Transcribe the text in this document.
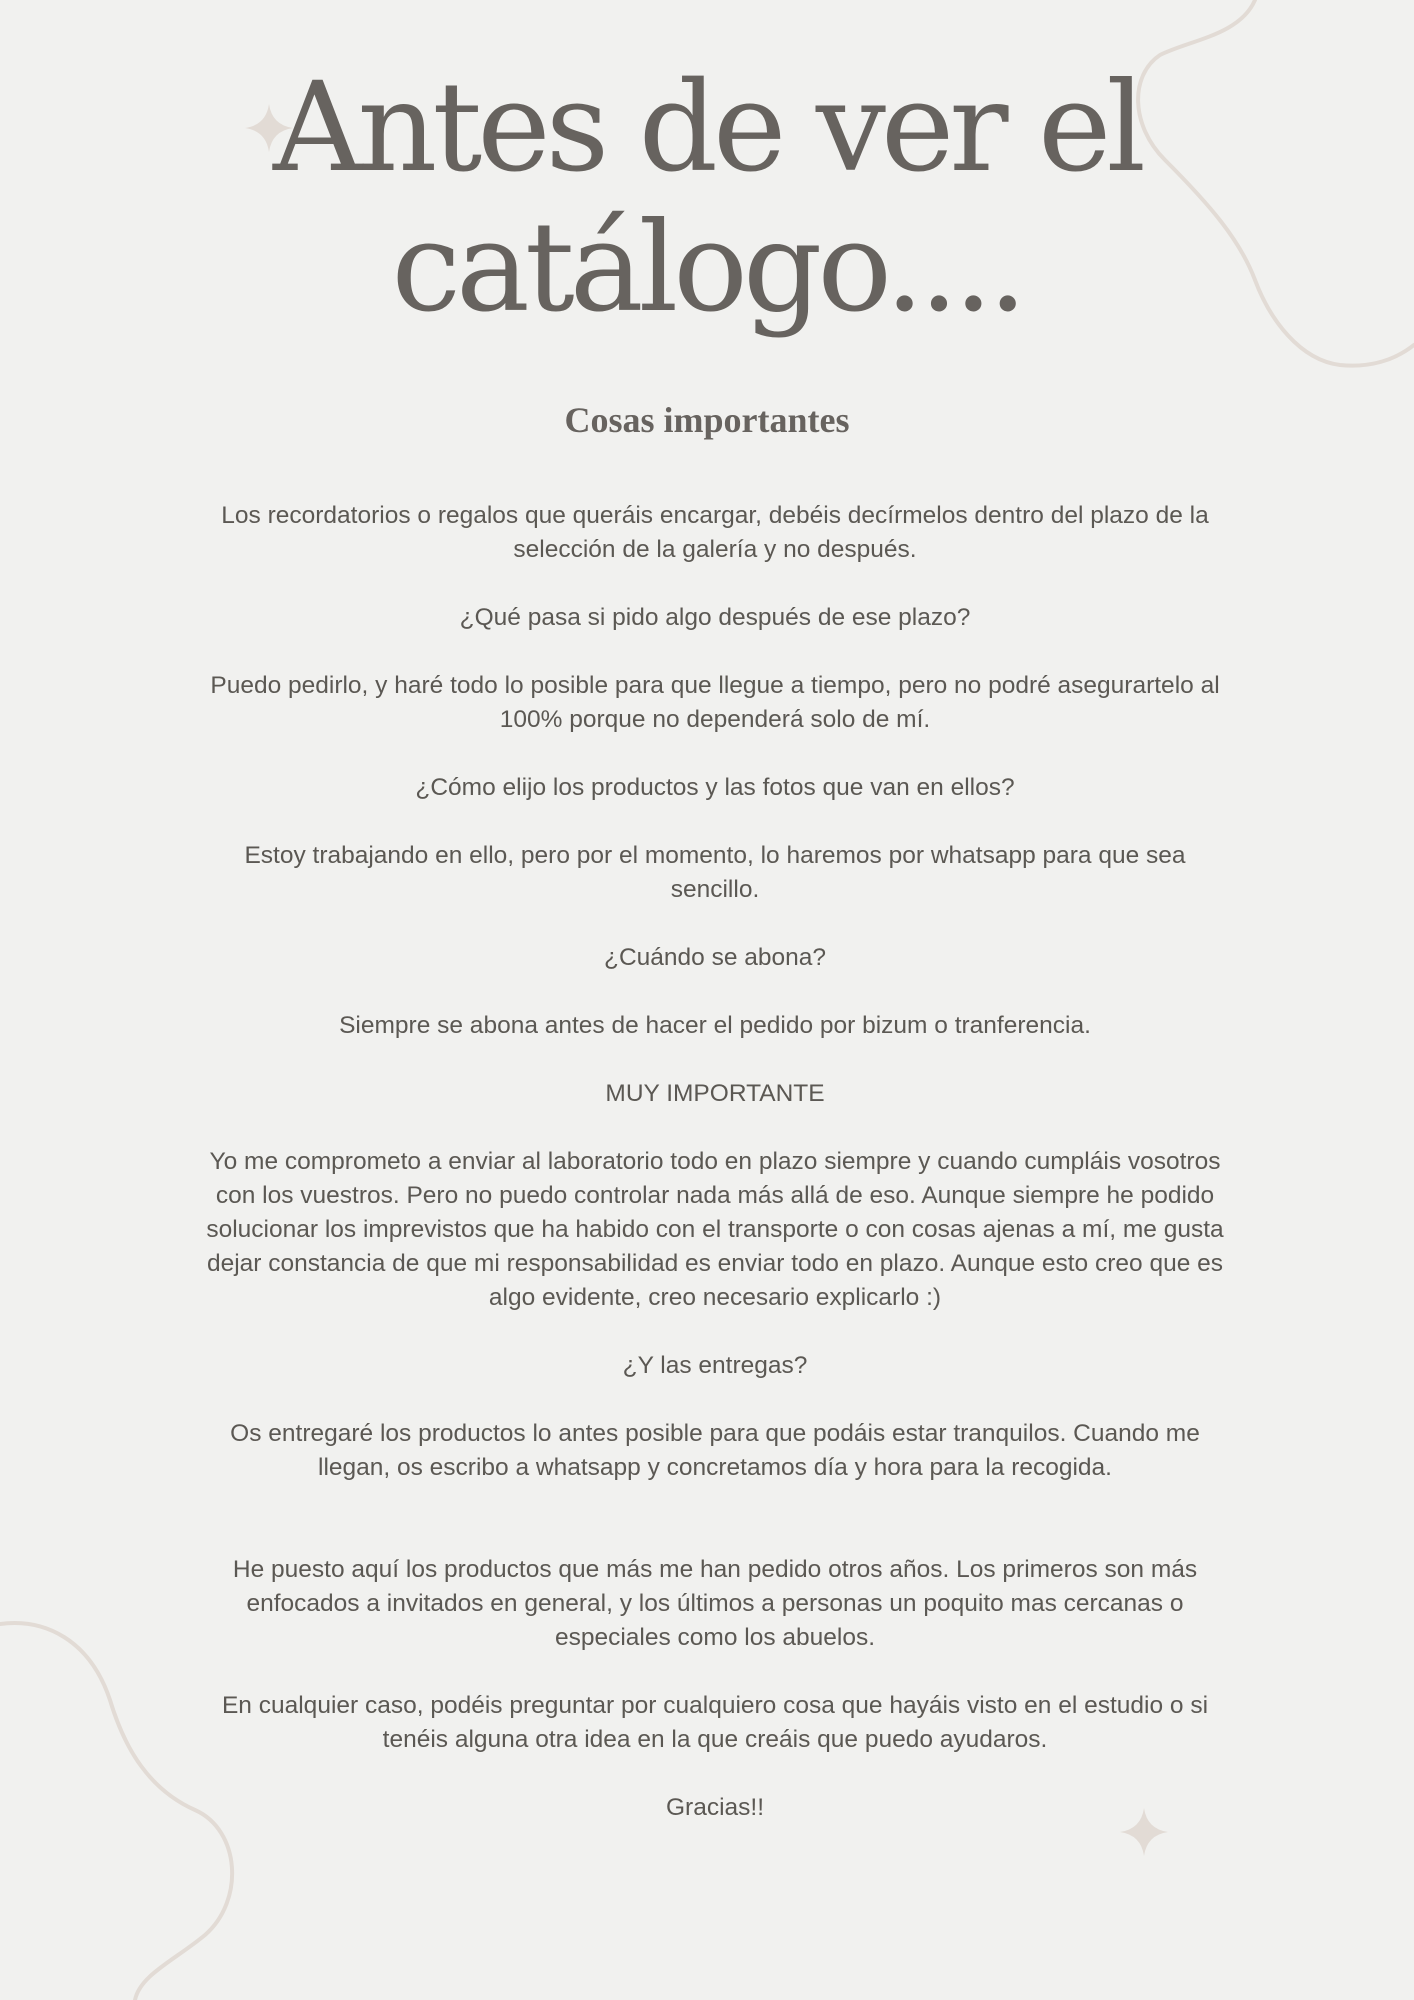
Antes de ver el
catálogo....
Cosas importantes

Los recordatorios o regalos que queráis encargar, debéis decírmelos dentro del plazo de la selección de la galería y no después.

¿Qué pasa si pido algo después de ese plazo?

Puedo pedirlo, y haré todo lo posible para que llegue a tiempo, pero no podré asegurartelo al 100% porque no dependerá solo de mí.

¿Cómo elijo los productos y las fotos que van en ellos?

Estoy trabajando en ello, pero por el momento, lo haremos por whatsapp para que sea sencillo.

¿Cuándo se abona?

Siempre se abona antes de hacer el pedido por bizum o tranferencia.

MUY IMPORTANTE

Yo me comprometo a enviar al laboratorio todo en plazo siempre y cuando cumpláis vosotros con los vuestros. Pero no puedo controlar nada más allá de eso. Aunque siempre he podido solucionar los imprevistos que ha habido con el transporte o con cosas ajenas a mí, me gusta dejar constancia de que mi responsabilidad es enviar todo en plazo. Aunque esto creo que es algo evidente, creo necesario explicarlo :)

¿Y las entregas?

Os entregaré los productos lo antes posible para que podáis estar tranquilos. Cuando me llegan, os escribo a whatsapp y concretamos día y hora para la recogida.

He puesto aquí los productos que más me han pedido otros años. Los primeros son más enfocados a invitados en general, y los últimos a personas un poquito mas cercanas o especiales como los abuelos.

En cualquier caso, podéis preguntar por cualquiero cosa que hayáis visto en el estudio o si tenéis alguna otra idea en la que creáis que puedo ayudaros.

Gracias!!
